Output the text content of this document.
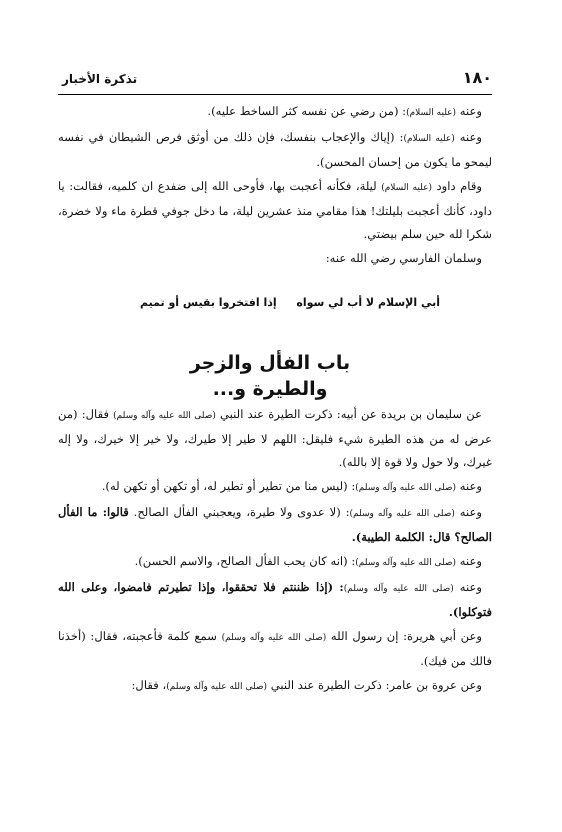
تذكرة الأخبار	١٨٠

وعنه (عليه السلام): (من رضي عن نفسه كثر الساخط عليه).

وعنه (عليه السلام): (إياك والإعجاب بنفسك، فإن ذلك من أوثق فرص الشيطان في نفسه ليمحو ما يكون من إحسان المحسن).

وقام داود (عليه السلام) ليلة، فكأنه أعجبت بها، فأوحى الله إلى ضفدع ان كلميه، فقالت: يا داود، كأنك أعجبت بليلتك! هذا مقامي منذ عشرين ليلة، ما دخل جوفي قطرة ماء ولا خضرة، شكرا لله حين سلم بيضتي.

وسلمان الفارسي رضي الله عنه:

أبي الإسلام لا أب لي سواه
إذا افتخروا بقيس أو تميم
باب الفأل والزجر والطيرة و...

عن سليمان بن بريدة عن أبيه: ذكرت الطيرة عند النبي (صلى الله عليه وآله وسلم) فقال: (من عرض له من هذه الطيرة شيء فليقل: اللهم لا طير إلا طيرك، ولا خير إلا خيرك، ولا إله غيرك، ولا حول ولا قوة إلا بالله).

وعنه (صلى الله عليه وآله وسلم): (ليس منا من تطير أو تطير له، أو تكهن أو تكهن له).

وعنه (صلى الله عليه وآله وسلم): (لا عدوى ولا طيرة، ويعجبني الفأل الصالح. قالوا: ما الفأل الصالح؟ قال: الكلمة الطيبة).

وعنه (صلى الله عليه وآله وسلم): (انه كان يحب الفأل الصالح، والاسم الحسن).

وعنه (صلى الله عليه وآله وسلم): (إذا ظننتم فلا تحققوا، وإذا تطيرتم فامضوا، وعلى الله فتوكلوا).

وعن أبي هريرة: إن رسول الله (صلى الله عليه وآله وسلم) سمع كلمة فأعجبته، فقال: (أخذنا فالك من فيك).

وعن عروة بن عامر: ذكرت الطيرة عند النبي (صلى الله عليه وآله وسلم)، فقال:
